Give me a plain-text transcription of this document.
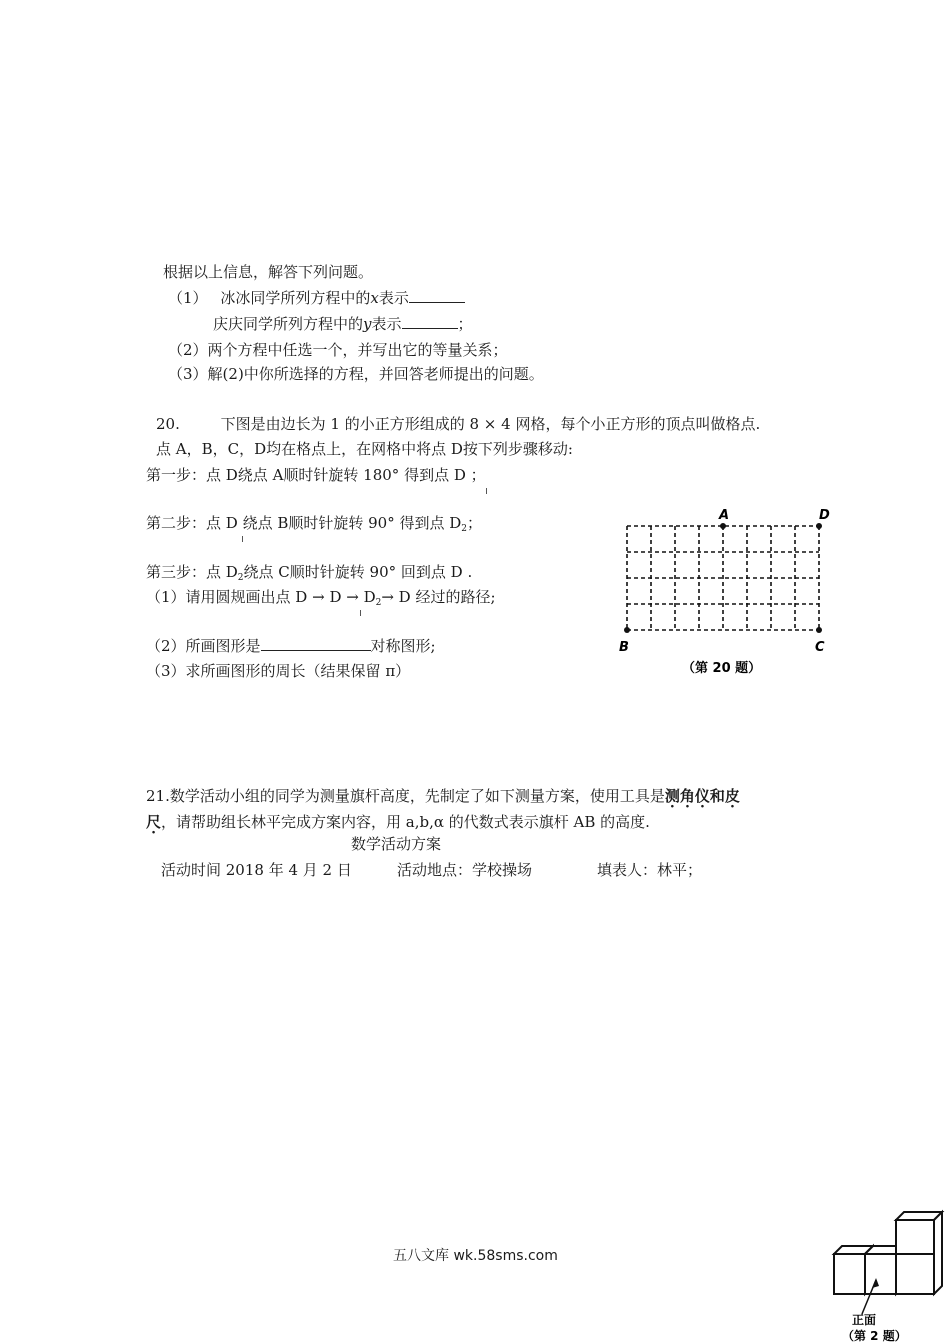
根据以上信息，解答下列问题。
（1） 冰冰同学所列方程中的x表示
庆庆同学所列方程中的y表示	；
（2）两个方程中任选一个，并写出它的等量关系；
（3）解(2)中你所选择的方程，并回答老师提出的问题。
20.	下图是由边长为 1 的小正方形组成的 8 × 4 网格，每个小正方形的顶点叫做格点.
点 A，B，C，D均在格点上，在网格中将点 D按下列步骤移动:
第一步：点 D绕点 A顺时针旋转 180° 得到点 D ；
第二步：点 D 绕点 B顺时针旋转 90° 得到点 $D_2$；
第三步：点 $D_2$绕点 C顺时针旋转 90° 回到点 D .
（1）请用圆规画出点 $D \to D \to D_2\to D$ 经过的路径;
（2）所画图形是	对称图形;
（3）求所画图形的周长（结果保留 π）
A	D
B	C
（第 20 题）
21.数学活动小组的同学为测量旗杆高度，先制定了如下测量方案，使用工具是测角仪和皮
尺，请帮助组长林平完成方案内容，用 a,b,α 的代数式表示旗杆 AB 的高度.
数学活动方案
活动时间 2018 年 4 月 2 日	活动地点：学校操场	填表人：林平；
五八文库 wk.58sms.com
正面
（第 2 题）
